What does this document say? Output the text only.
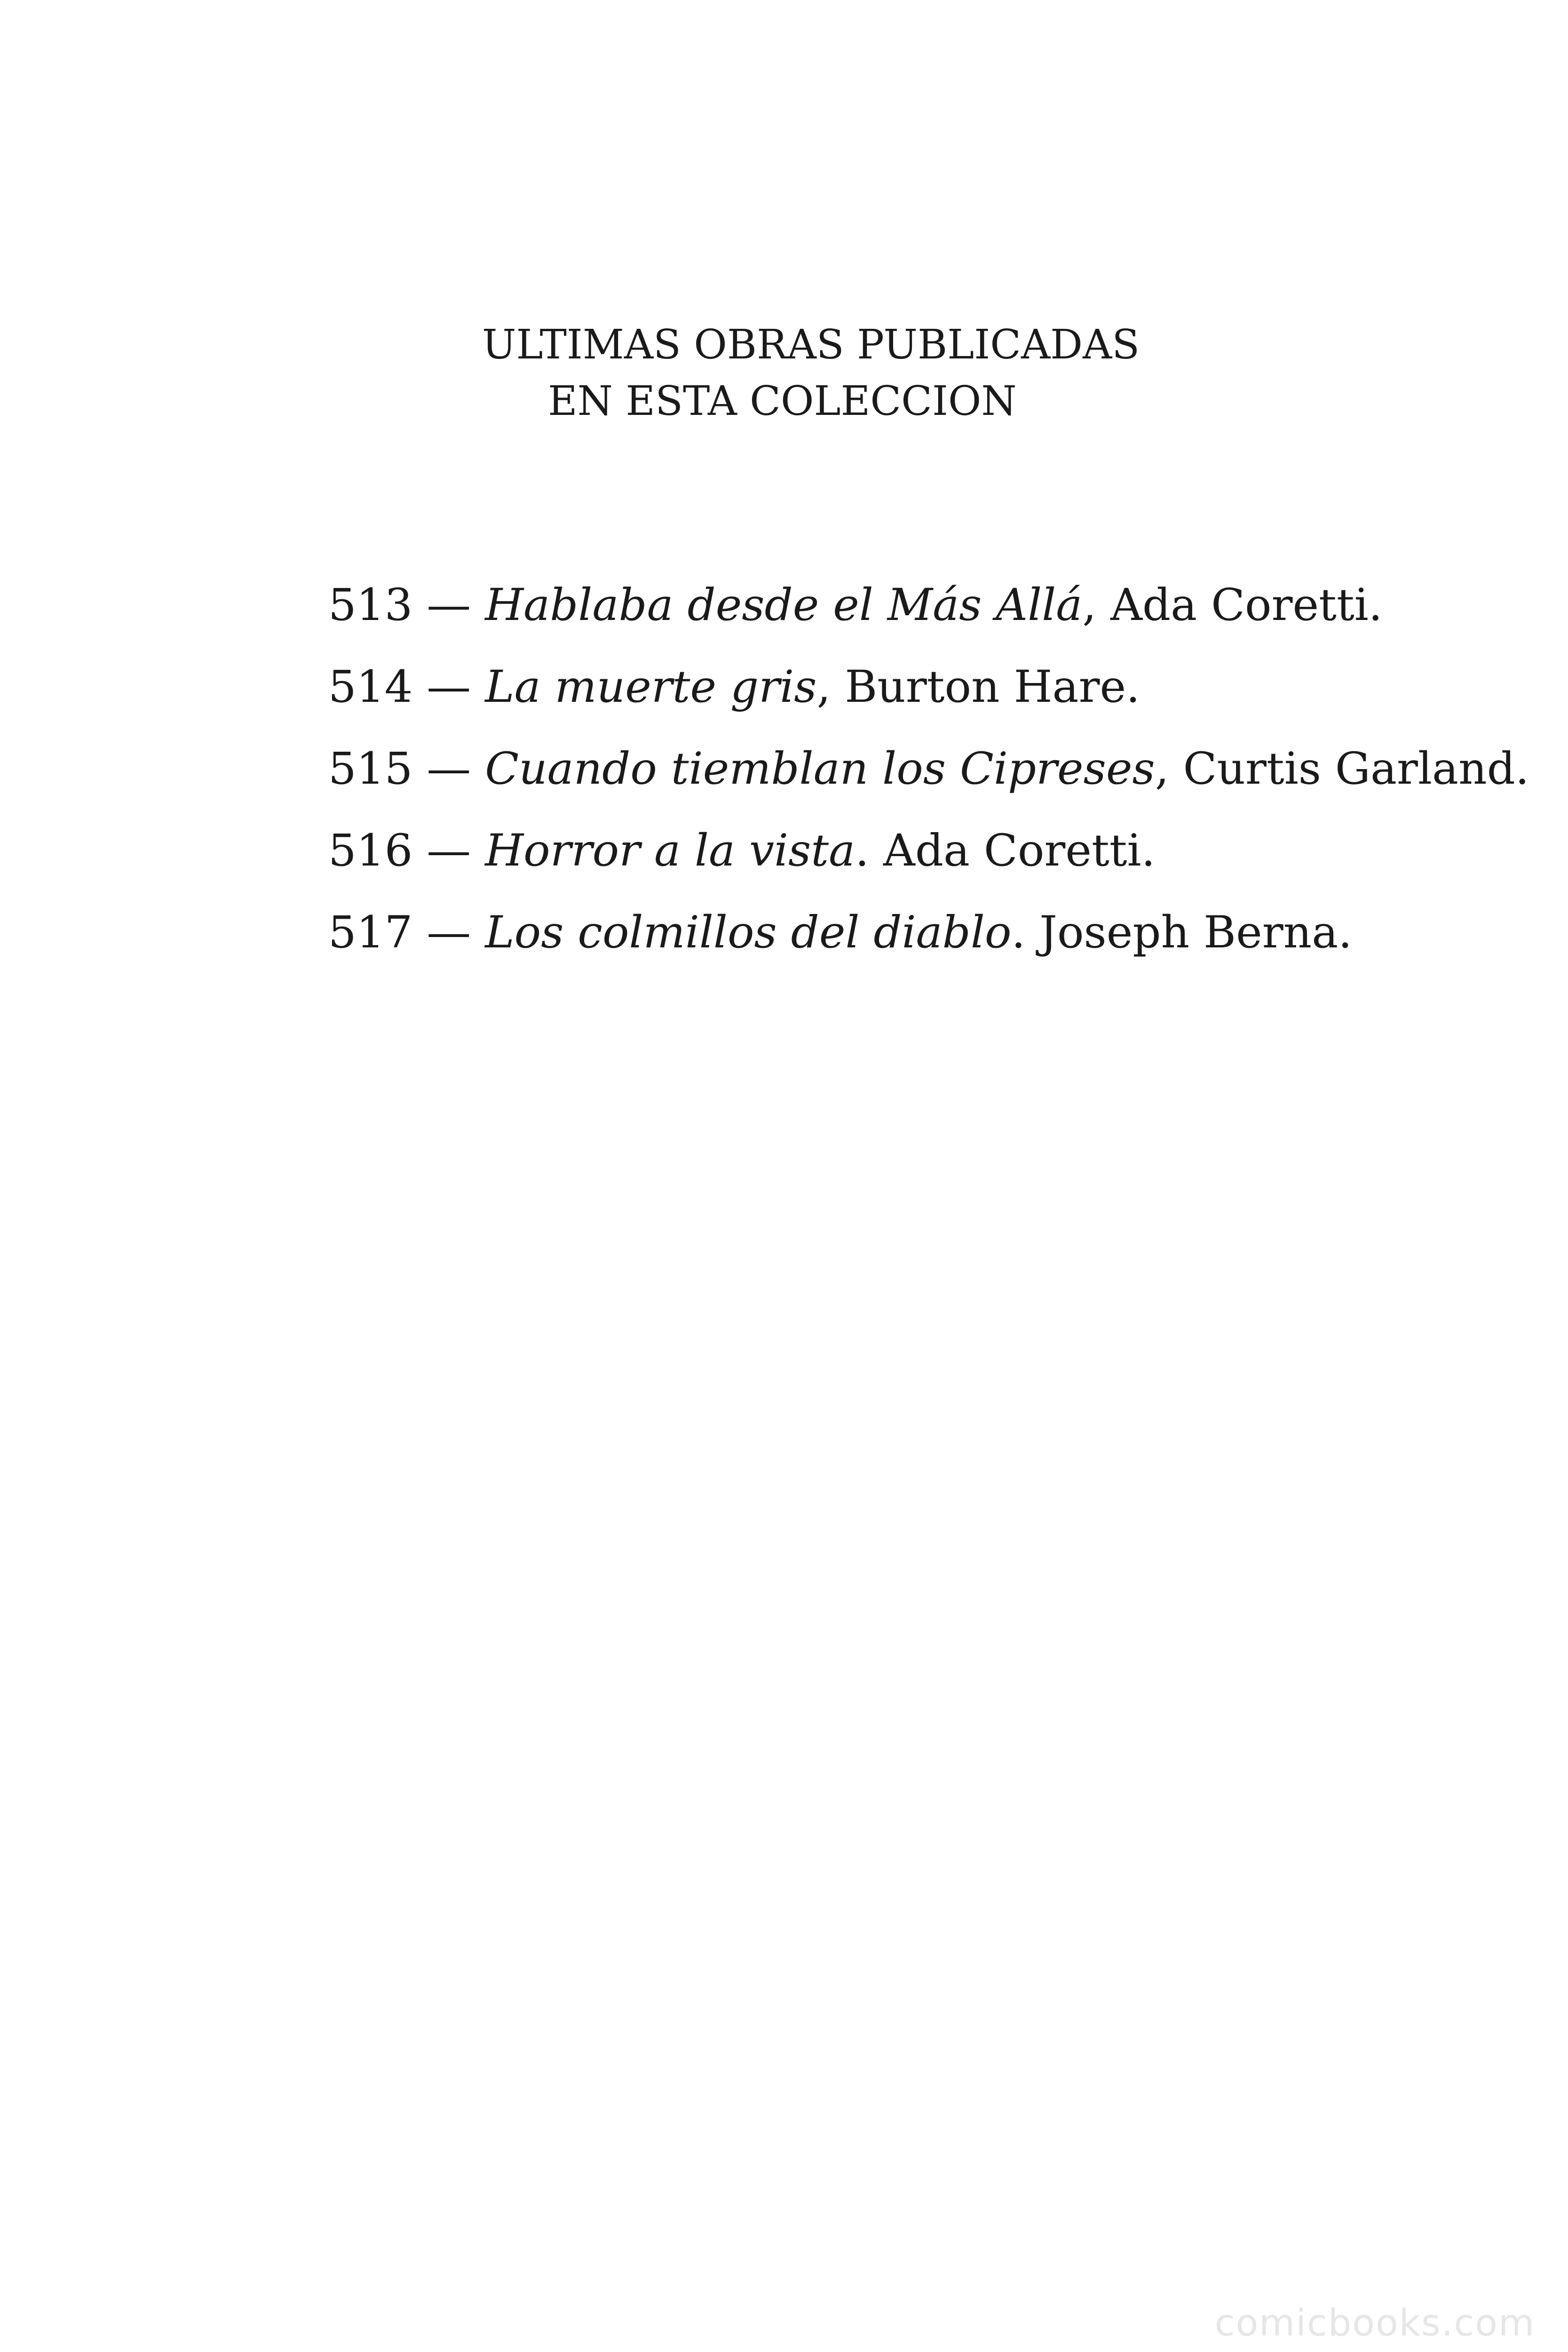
ULTIMAS OBRAS PUBLICADAS

EN ESTA COLECCION

513 — Hablaba desde el Más Allá, Ada Coretti.
514 — La muerte gris, Burton Hare.
515 — Cuando tiemblan los Cipreses, Curtis Garland.
516 — Horror a la vista. Ada Coretti.
517 — Los colmillos del diablo. Joseph Berna.
comicbooks.com
